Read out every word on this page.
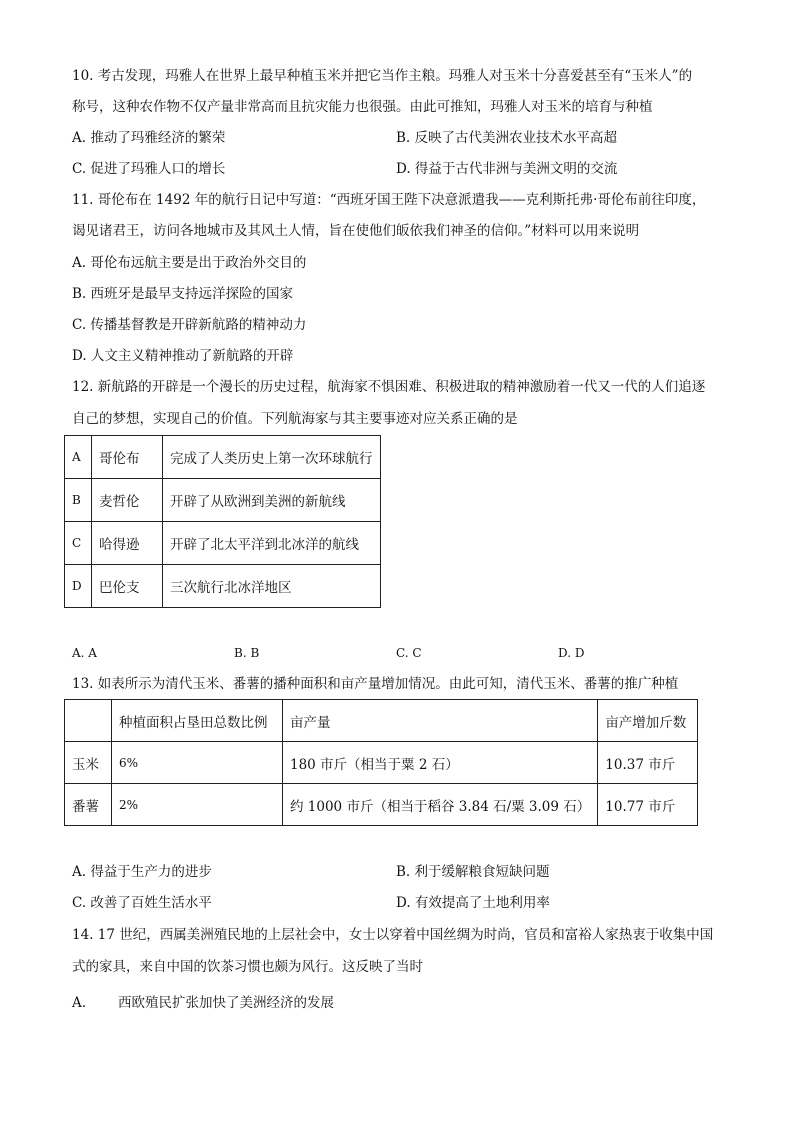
10. 考古发现，玛雅人在世界上最早种植玉米并把它当作主粮。玛雅人对玉米十分喜爱甚至有“玉米人”的
称号，这种农作物不仅产量非常高而且抗灾能力也很强。由此可推知，玛雅人对玉米的培育与种植
A. 推动了玛雅经济的繁荣	B. 反映了古代美洲农业技术水平高超
C. 促进了玛雅人口的增长	D. 得益于古代非洲与美洲文明的交流
11. 哥伦布在 1492 年的航行日记中写道：“西班牙国王陛下决意派遣我——克利斯托弗·哥伦布前往印度，
谒见诸君王，访问各地城市及其风土人情，旨在使他们皈依我们神圣的信仰。”材料可以用来说明
A. 哥伦布远航主要是出于政治外交目的
B. 西班牙是最早支持远洋探险的国家
C. 传播基督教是开辟新航路的精神动力
D. 人文主义精神推动了新航路的开辟
12. 新航路的开辟是一个漫长的历史过程，航海家不惧困难、积极进取的精神激励着一代又一代的人们追逐
自己的梦想，实现自己的价值。下列航海家与其主要事迹对应关系正确的是
A	哥伦布	完成了人类历史上第一次环球航行
B	麦哲伦	开辟了从欧洲到美洲的新航线
C	哈得逊	开辟了北太平洋到北冰洋的航线
D	巴伦支	三次航行北冰洋地区
A. A	B. B	C. C	D. D
13. 如表所示为清代玉米、番薯的播种面积和亩产量增加情况。由此可知，清代玉米、番薯的推广种植
	种植面积占垦田总数比例	亩产量	亩产增加斤数
玉米	6%	180 市斤（相当于粟 2 石）	10.37 市斤
番薯	2%	约 1000 市斤（相当于稻谷 3.84 石/粟 3.09 石）	10.77 市斤
A. 得益于生产力的进步	B. 利于缓解粮食短缺问题
C. 改善了百姓生活水平	D. 有效提高了土地利用率
14. 17 世纪，西属美洲殖民地的上层社会中，女士以穿着中国丝绸为时尚，官员和富裕人家热衷于收集中国
式的家具，来自中国的饮茶习惯也颇为风行。这反映了当时
A. 西欧殖民扩张加快了美洲经济的发展
